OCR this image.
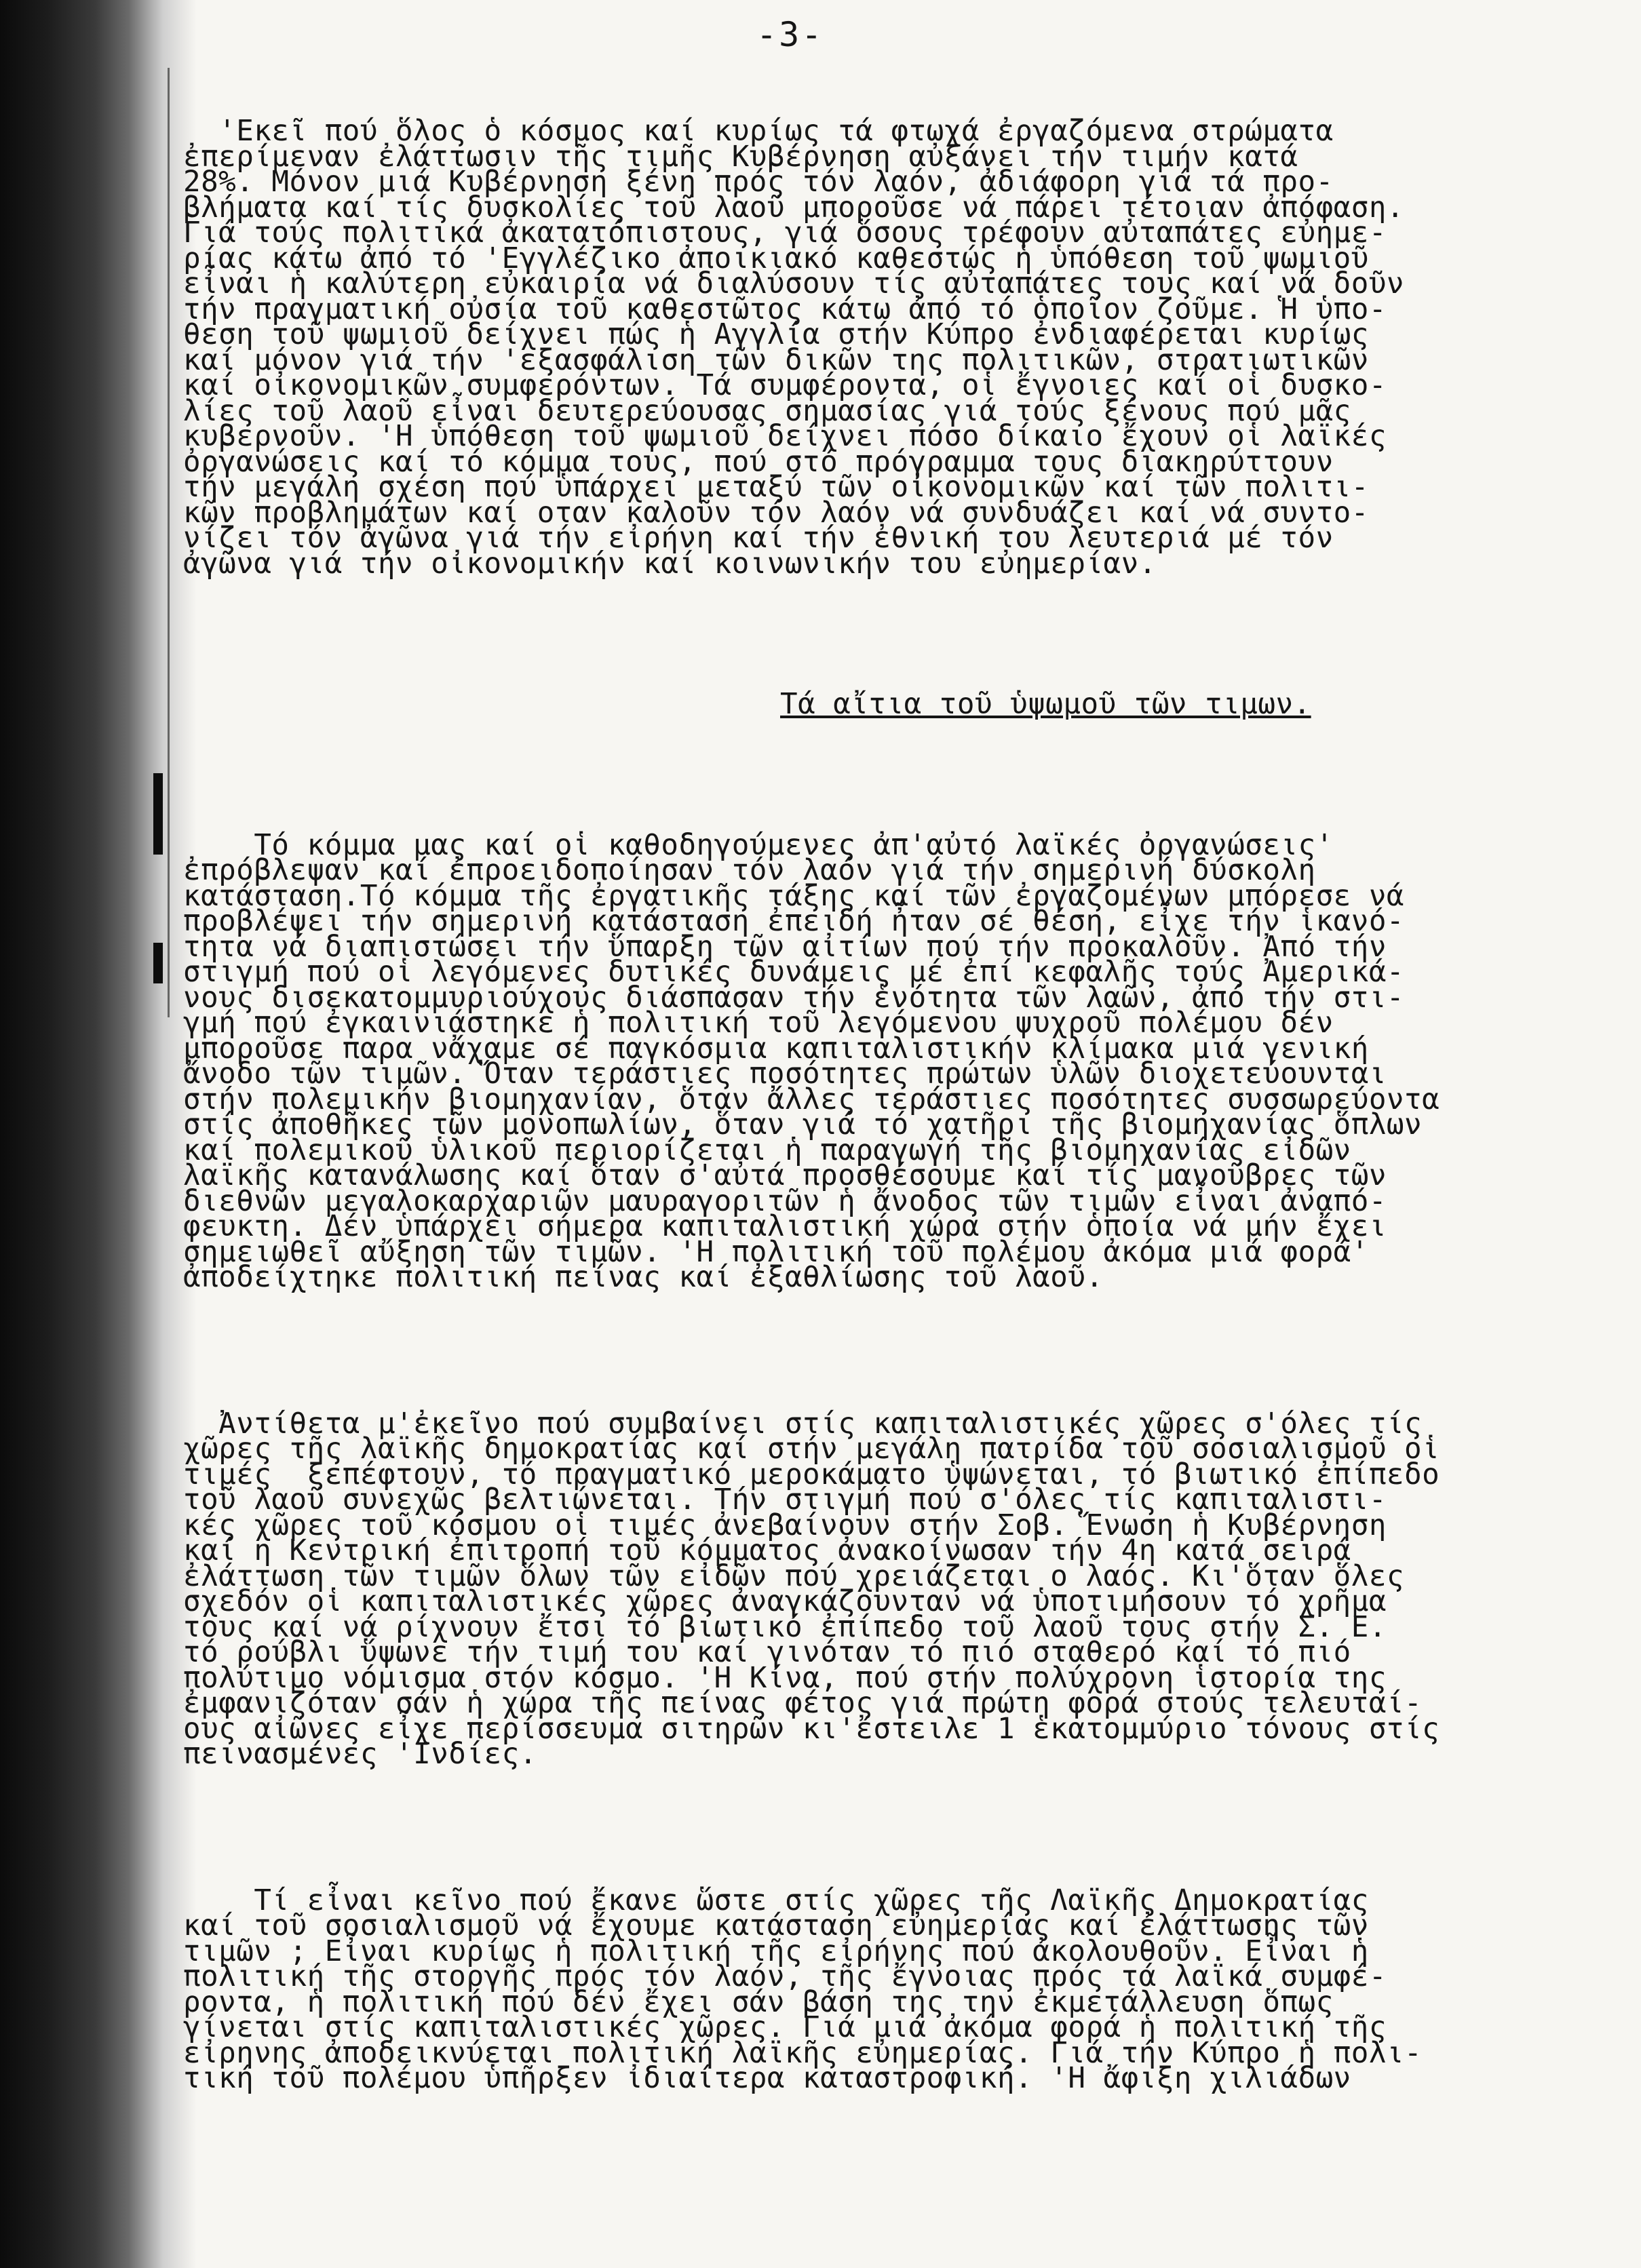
-3-

'Εκεῖ πού ὅλος ὁ κόσμος καί κυρίως τά φτωχά ἐργαζόμενα στρώματα
ἐπερίμεναν ἐλάττωσιν τῆς τιμῆς Κυβέρνηση αὐξάνει τήν τιμήν κατά
28%. Μόνον μιά Κυβέρνηση ξένη πρός τόν λαόν, ἀδιάφορη γιά τά προ-
βλήματα καί τίς δυσκολίες τοῦ λαοῦ μποροῦσε νά πάρει τέτοιαν ἀπόφαση.
Γιά τούς πολιτικά ἀκατατόπιστους, γιά ὅσους τρέφουν αὐταπάτες εὐημε-
ρίας κάτω ἀπό τό 'Εγγλέζικο ἀποικιακό καθεστώς ἡ ὑπόθεση τοῦ ψωμιοῦ
εἶναι ἡ καλύτερη εὐκαιρία νά διαλύσουν τίς αὐταπάτες τους καί νά δοῦν
τήν πραγματική οὐσία τοῦ καθεστῶτος κάτω ἀπό τό ὁποῖον ζοῦμε. Ἡ ὑπο-
θεση τοῦ ψωμιοῦ δείχνει πώς ἡ Αγγλία στήν Κύπρο ἐνδιαφέρεται κυρίως
καί μόνον γιά τήν 'εξασφάλιση τῶν δικῶν της πολιτικῶν, στρατιωτικῶν
καί οἰκονομικῶν συμφερόντων. Τά συμφέροντα, οἱ ἔγνοιες καί οἱ δυσκο-
λίες τοῦ λαοῦ εἶναι δευτερεύουσας σημασίας γιά τούς ξένους πού μᾶς
κυβερνοῦν. 'Η ὑπόθεση τοῦ ψωμιοῦ δείχνει πόσο δίκαιο ἔχουν οἱ λαϊκές
ὀργανώσεις καί τό κόμμα τους, πού στό πρόγραμμα τους διακηρύττουν
τήν μεγάλη σχέση πού ὑπάρχει μεταξύ τῶν οἰκονομικῶν καί τῶν πολιτι-
κῶν προβλημάτων καί οταν καλοῦν τόν λαόν νά συνδυάζει καί νά συντο-
νίζει τόν ἀγῶνα γιά τήν εἰρήνη καί τήν ἐθνική του λευτεριά μέ τόν
ἀγῶνα γιά τήν οἰκονομικήν καί κοινωνικήν του εὐημερίαν.

Τά αἴτια τοῦ ὑψωμοῦ τῶν τιμων.

Τό κόμμα μας καί οἱ καθοδηγούμενες ἀπ'αὐτό λαϊκές ὀργανώσεις'
ἐπρόβλεψαν καί ἐπροειδοποίησαν τόν λαόν γιά τήν σημερινή δύσκολη
κατάσταση.Τό κόμμα τῆς ἐργατικῆς τάξης καί τῶν ἐργαζομένων μπόρεσε νά
προβλέψει τήν σημερινή κατάσταση ἐπειδή ἦταν σέ θέση, εἶχε τήν ἱκανό-
τητα νά διαπιστώσει τήν ὕπαρξη τῶν αἰτίων πού τήν προκαλοῦν. Ἀπό τήν
στιγμή πού οἱ λεγόμενες δυτικές δυνάμεις μέ ἐπί κεφαλῆς τούς Ἀμερικά-
νους δισεκατομμυριούχους διάσπασαν τήν ἑνότητα τῶν λαῶν, ἀπό τήν στι-
γμή πού ἐγκαινιάστηκε ἡ πολιτική τοῦ λεγόμενου ψυχροῦ πολέμου δέν
μποροῦσε παρα νἄχαμε σέ παγκόσμια καπιταλιστικήν κλίμακα μιά γενική
ἄνοδο τῶν τιμῶν. Ὅταν τεράστιες ποσότητες πρώτων ὑλῶν διοχετεύουνται
στήν πολεμικήν βιομηχανίαν, ὅταν ἄλλες τεράστιες ποσότητες συσσωρεύοντα
στίς ἀποθῆκες τῶν μονοπωλίων, ὅταν γιά τό χατῆρι τῆς βιομηχανίας ὅπλων
καί πολεμικοῦ ὑλικοῦ περιορίζεται ἡ παραγωγή τῆς βιομηχανίας εἰδῶν
λαϊκῆς κατανάλωσης καί ὅταν σ'αὐτά προσθέσουμε καί τίς μανοῦβρες τῶν
διεθνῶν μεγαλοκαρχαριῶν μαυραγοριτῶν ἡ ἄνοδος τῶν τιμῶν εἶναι ἀναπό-
φευκτη. Δέν ὑπάρχει σήμερα καπιταλιστική χώρα στήν ὁποία νά μήν ἔχει
σημειωθεῖ αὔξηση τῶν τιμῶν. 'Η πολιτική τοῦ πολέμου ἀκόμα μιά φορά'
ἀποδείχτηκε πολιτική πείνας καί ἐξαθλίωσης τοῦ λαοῦ.

Ἀντίθετα μ'ἐκεῖνο πού συμβαίνει στίς καπιταλιστικές χῶρες σ'όλες τίς
χῶρες τῆς λαϊκῆς δημοκρατίας καί στήν μεγάλη πατρίδα τοῦ σοσιαλισμοῦ οἱ
τιμές  ξεπέφτουν, τό πραγματικό μεροκάματο ὑψώνεται, τό βιωτικό ἐπίπεδο
τοῦ λαοῦ συνεχῶς βελτιώνεται. Τήν στιγμή πού σ'όλες τίς καπιταλιστι-
κές χῶρες τοῦ κόσμου οἱ τιμές ἀνεβαίνουν στήν Σοβ. Ἕνωση ἡ Κυβέρνηση
καί η Κεντρική ἐπιτροπή τοῦ κόμματος ἀνακοίνωσαν τήν 4η κατά σειρά
ἐλάττωση τῶν τιμῶν ὅλων τῶν εἰδῶν πού χρειάζεται ο λαός. Κι'ὅταν ὅλες
σχεδόν οἱ καπιταλιστικές χῶρες ἀναγκάζουνταν νά ὑποτιμήσουν τό χρῆμα
τους καί νά ρίχνουν ἔτσι τό βιωτικό ἐπίπεδο τοῦ λαοῦ τους στήν Σ. Ε.
τό ρούβλι ὕψωνε τήν τιμή του καί γινόταν τό πιό σταθερό καί τό πιό
πολύτιμο νόμισμα στόν κόσμο. 'Η Κίνα, πού στήν πολύχρονη ἱστορία της
ἐμφανιζόταν σάν ἡ χώρα τῆς πείνας φέτος γιά πρώτη φορά στούς τελευταί-
ους αἰῶνες εἶχε περίσσευμα σιτηρῶν κι'ἔστειλε 1 ἑκατομμύριο τόνους στίς
πεινασμένες 'Ινδίες.

Τί εἶναι κεῖνο πού ἔκανε ὥστε στίς χῶρες τῆς Λαϊκῆς Δημοκρατίας
καί τοῦ σοσιαλισμοῦ νά ἔχουμε κατάσταση εὐημερίας καί ἐλάττωσης τῶν
τιμῶν ; Εἶναι κυρίως ἡ πολιτική τῆς εἰρήνης πού ἀκολουθοῦν. Εἶναι ἡ
πολιτική τῆς στοργῆς πρός τόν λαόν, τῆς ἔγνοιας πρός τά λαϊκά συμφέ-
ροντα, ἡ πολιτική πού δέν ἔχει σάν βάση της την ἐκμετάλλευση ὅπως
γίνεται στίς καπιταλιστικές χῶρες. Γιά μιά ἀκόμα φορά ἡ πολιτική τῆς
εἰρηνης ἀποδεικνύεται πολιτική λαϊκῆς εὐημερίας. Γιά τήν Κύπρο ἡ πολι-
τική τοῦ πολέμου ὑπῆρξεν ἰδιαίτερα καταστροφική. 'Η ἄφιξη χιλιάδων
